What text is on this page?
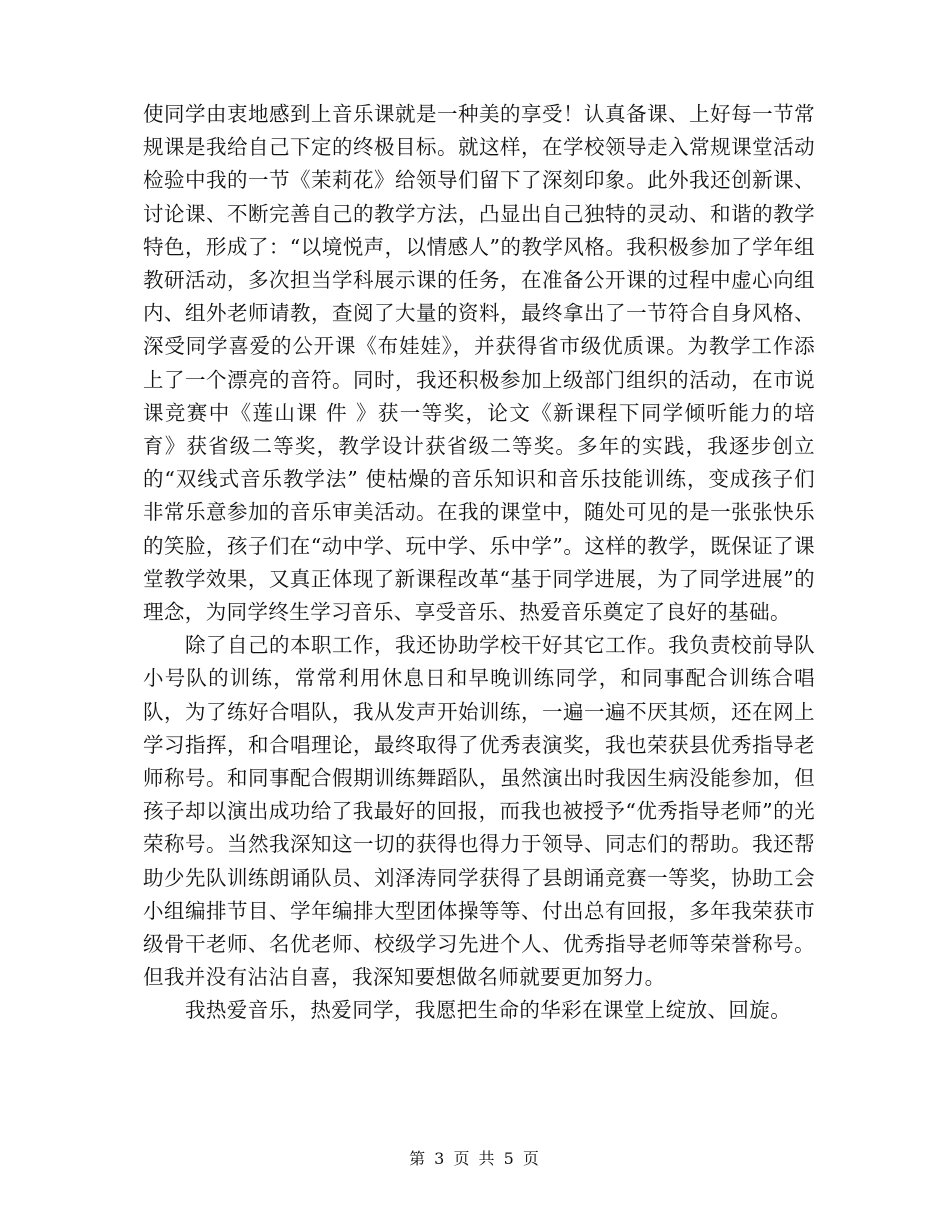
使同学由衷地感到上音乐课就是一种美的享受！认真备课、上好每一节常规课是我给自己下定的终极目标。就这样，在学校领导走入常规课堂活动检验中我的一节《茉莉花》给领导们留下了深刻印象。此外我还创新课、讨论课、不断完善自己的教学方法，凸显出自己独特的灵动、和谐的教学特色，形成了：“以境悦声，以情感人”的教学风格。我积极参加了学年组教研活动，多次担当学科展示课的任务，在准备公开课的过程中虚心向组内、组外老师请教，查阅了大量的资料，最终拿出了一节符合自身风格、深受同学喜爱的公开课《布娃娃》，并获得省市级优质课。为教学工作添上了一个漂亮的音符。同时，我还积极参加上级部门组织的活动，在市说课竞赛中《莲山课 件 》获一等奖，论文《新课程下同学倾听能力的培育》获省级二等奖，教学设计获省级二等奖。多年的实践，我逐步创立的“双线式音乐教学法” 使枯燥的音乐知识和音乐技能训练，变成孩子们非常乐意参加的音乐审美活动。在我的课堂中，随处可见的是一张张快乐的笑脸，孩子们在“动中学、玩中学、乐中学”。这样的教学，既保证了课堂教学效果，又真正体现了新课程改革“基于同学进展，为了同学进展”的理念，为同学终生学习音乐、享受音乐、热爱音乐奠定了良好的基础。

除了自己的本职工作，我还协助学校干好其它工作。我负责校前导队小号队的训练，常常利用休息日和早晚训练同学，和同事配合训练合唱队，为了练好合唱队，我从发声开始训练，一遍一遍不厌其烦，还在网上学习指挥，和合唱理论，最终取得了优秀表演奖，我也荣获县优秀指导老师称号。和同事配合假期训练舞蹈队，虽然演出时我因生病没能参加，但孩子却以演出成功给了我最好的回报，而我也被授予“优秀指导老师”的光荣称号。当然我深知这一切的获得也得力于领导、同志们的帮助。我还帮助少先队训练朗诵队员、刘泽涛同学获得了县朗诵竞赛一等奖，协助工会小组编排节目、学年编排大型团体操等等、付出总有回报，多年我荣获市级骨干老师、名优老师、校级学习先进个人、优秀指导老师等荣誉称号。但我并没有沾沾自喜，我深知要想做名师就要更加努力。

我热爱音乐，热爱同学，我愿把生命的华彩在课堂上绽放、回旋。

第 3 页 共 5 页
